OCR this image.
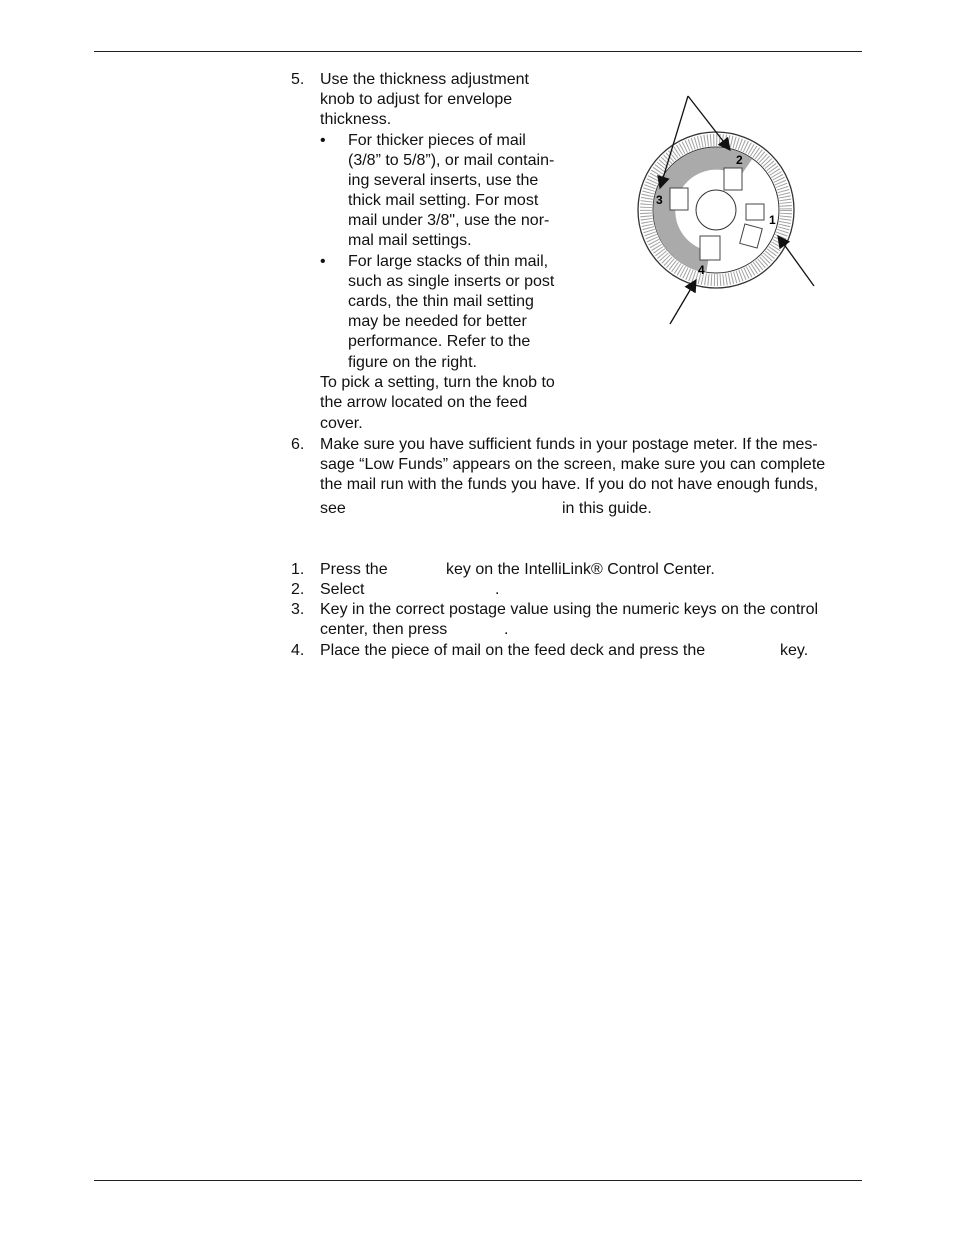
5. Use the thickness adjustment
knob to adjust for envelope
thickness.
• For thicker pieces of mail
(3/8” to 5/8”), or mail contain-
ing several inserts, use the
thick mail setting. For most
mail under 3/8", use the nor-
mal mail settings.
• For large stacks of thin mail,
such as single inserts or post
cards, the thin mail setting
may be needed for better
performance. Refer to the
figure on the right.
To pick a setting, turn the knob to
the arrow located on the feed
cover.
1
2
3
4
6. Make sure you have sufficient funds in your postage meter. If the mes-
sage “Low Funds” appears on the screen, make sure you can complete
the mail run with the funds you have. If you do not have enough funds,
see	in this guide.
1. Press the	key on the IntelliLink® Control Center.
2. Select	.
3. Key in the correct postage value using the numeric keys on the control
center, then press	.
4. Place the piece of mail on the feed deck and press the	key.
